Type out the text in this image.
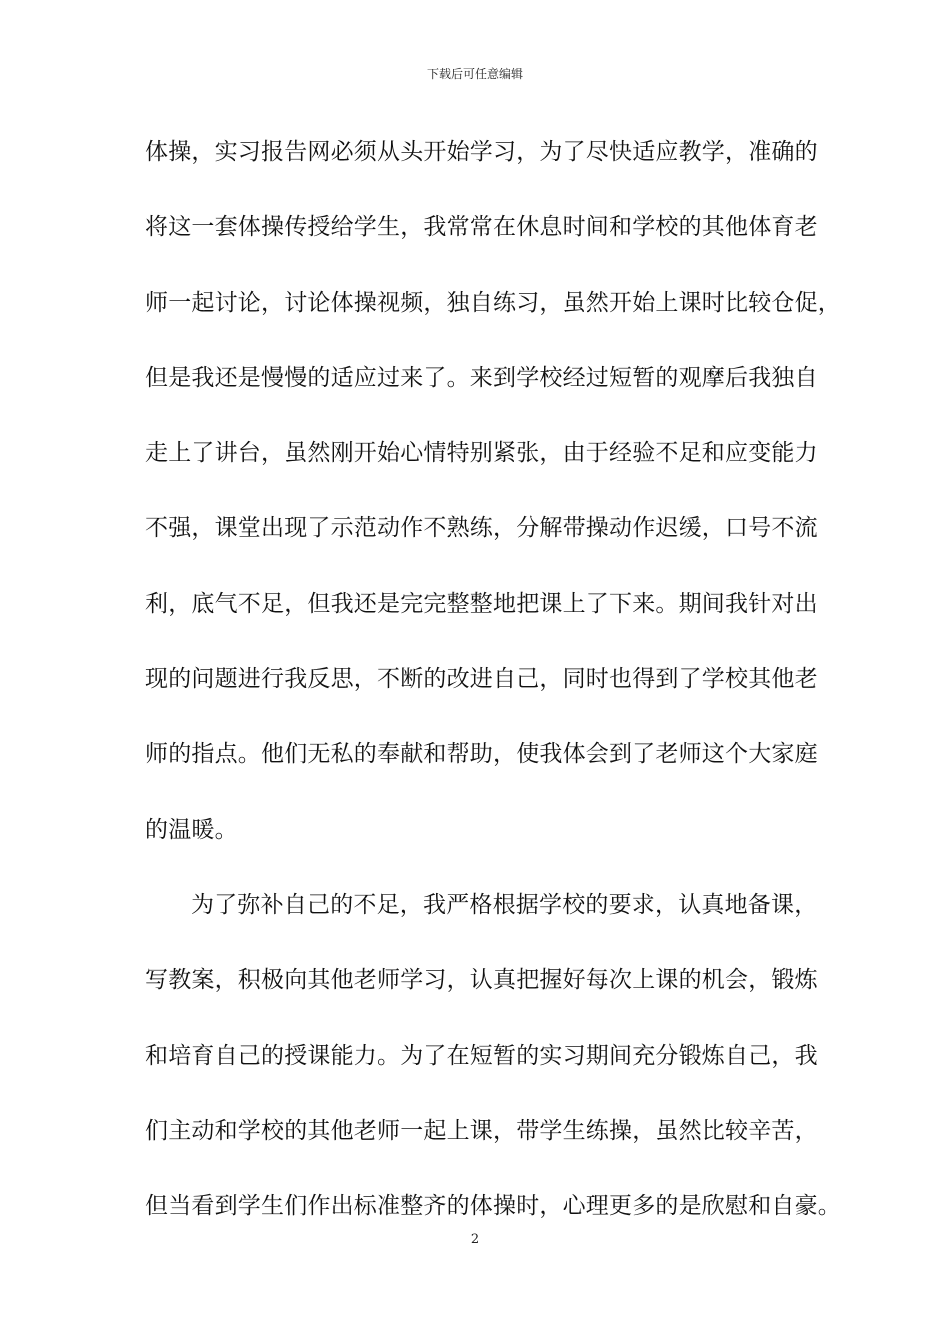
下载后可任意编辑
体操，实习报告网必须从头开始学习，为了尽快适应教学，准确的
将这一套体操传授给学生，我常常在休息时间和学校的其他体育老
师一起讨论，讨论体操视频，独自练习，虽然开始上课时比较仓促，
但是我还是慢慢的适应过来了。来到学校经过短暂的观摩后我独自
走上了讲台，虽然刚开始心情特别紧张，由于经验不足和应变能力
不强，课堂出现了示范动作不熟练，分解带操动作迟缓，口号不流
利，底气不足，但我还是完完整整地把课上了下来。期间我针对出
现的问题进行我反思，不断的改进自己，同时也得到了学校其他老
师的指点。他们无私的奉献和帮助，使我体会到了老师这个大家庭
的温暖。
为了弥补自己的不足，我严格根据学校的要求，认真地备课，
写教案，积极向其他老师学习，认真把握好每次上课的机会，锻炼
和培育自己的授课能力。为了在短暂的实习期间充分锻炼自己，我
们主动和学校的其他老师一起上课，带学生练操，虽然比较辛苦，
但当看到学生们作出标准整齐的体操时，心理更多的是欣慰和自豪。
2
